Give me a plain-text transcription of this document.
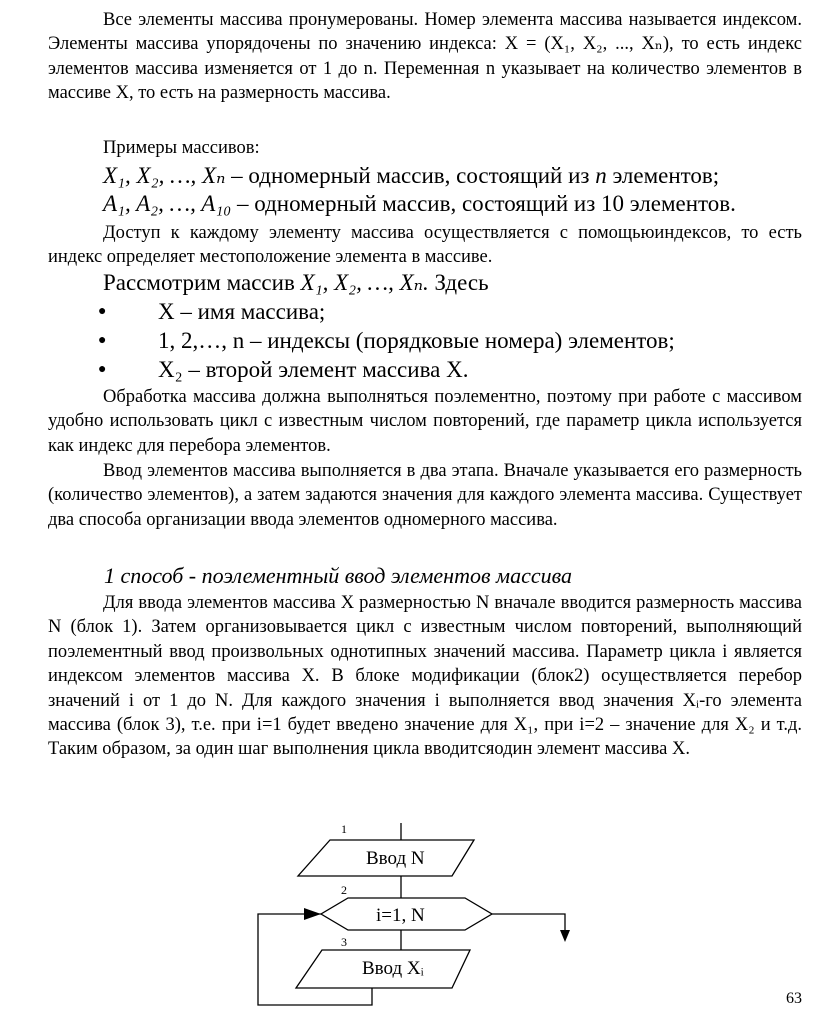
Все элементы массива пронумерованы. Номер элемента массива называется индексом. Элементы массива упорядочены по значению индекса: X = (X₁, X₂, ..., Xₙ), то есть индекс элементов массива изменяется от 1 до n. Переменная n указывает на количество элементов в массиве X, то есть на размерность массива.

Примеры массивов:

X₁, X₂, …, Xₙ – одномерный массив, состоящий из n элементов;

A₁, A₂, …, A₁₀ – одномерный массив, состоящий из 10 элементов.

Доступ к каждому элементу массива осуществляется с помощьюиндексов, то есть индекс определяет местоположение элемента в массиве.

Рассмотрим массив X₁, X₂, …, Xₙ. Здесь

● X – имя массива;
● 1, 2,…, n – индексы (порядковые номера) элементов;
● X₂ – второй элемент массива X.

Обработка массива должна выполняться поэлементно, поэтому при работе с массивом удобно использовать цикл с известным числом повторений, где параметр цикла используется как индекс для перебора элементов.

Ввод элементов массива выполняется в два этапа. Вначале указывается его размерность (количество элементов), а затем задаются значения для каждого элемента массива. Существует два способа организации ввода элементов одномерного массива.

1 способ - поэлементный ввод элементов массива

Для ввода элементов массива X размерностью N вначале вводится размерность массива N (блок 1). Затем организовывается цикл с известным числом повторений, выполняющий поэлементный ввод произвольных однотипных значений массива. Параметр цикла i является индексом элементов массива X. В блоке модификации (блок2) осуществляется перебор значений i от 1 до N. Для каждого значения i выполняется ввод значения Xᵢ-го элемента массива (блок 3), т.е. при i=1 будет введено значение для X₁, при i=2 – значение для X₂ и т.д. Таким образом, за один шаг выполнения цикла вводитсяодин элемент массива X.

1
Ввод N
2
i=1, N
3
Ввод Xᵢ
63
